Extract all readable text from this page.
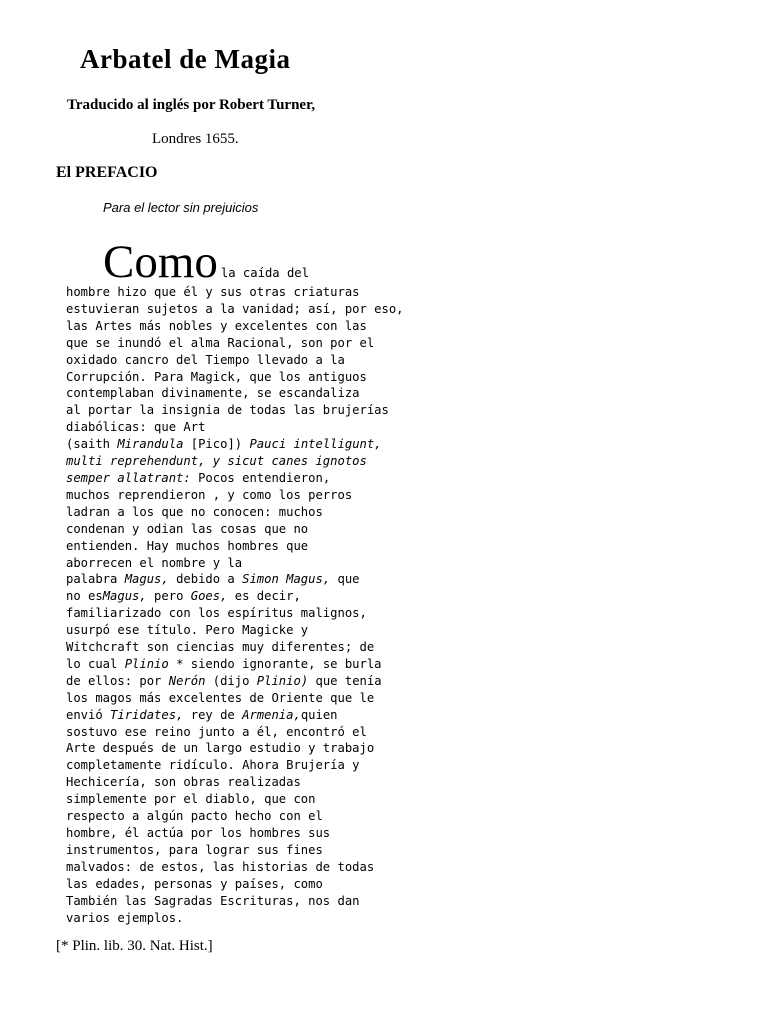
Arbatel de Magia

Traducido al inglés por Robert Turner,

Londres 1655.

El PREFACIO

Para el lector sin prejuicios

Como la caída del
hombre hizo que él y sus otras criaturas
estuvieran sujetos a la vanidad; así, por eso,
las Artes más nobles y excelentes con las
que se inundó el alma Racional, son por el
oxidado cancro del Tiempo llevado a la
Corrupción. Para Magick, que los antiguos
contemplaban divinamente, se escandaliza
al portar la insignia de todas las brujerías
diabólicas: que Art
(saith Mirandula [Pico]) Pauci intelligunt,
multi reprehendunt, y sicut canes ignotos
semper allatrant: Pocos entendieron,
muchos reprendieron , y como los perros
ladran a los que no conocen: muchos
condenan y odian las cosas que no
entienden. Hay muchos hombres que
aborrecen el nombre y la
palabra Magus, debido a Simon Magus, que
no esMagus, pero Goes, es decir,
familiarizado con los espíritus malignos,
usurpó ese título. Pero Magicke y
Witchcraft son ciencias muy diferentes; de
lo cual Plinio * siendo ignorante, se burla
de ellos: por Nerón (dijo Plinio) que tenía
los magos más excelentes de Oriente que le
envió Tiridates, rey de Armenia,quien
sostuvo ese reino junto a él, encontró el
Arte después de un largo estudio y trabajo
completamente ridículo. Ahora Brujería y
Hechicería, son obras realizadas
simplemente por el diablo, que con
respecto a algún pacto hecho con el
hombre, él actúa por los hombres sus
instrumentos, para lograr sus fines
malvados: de estos, las historias de todas
las edades, personas y países, como
También las Sagradas Escrituras, nos dan
varios ejemplos.

[* Plin. lib. 30. Nat. Hist.]
